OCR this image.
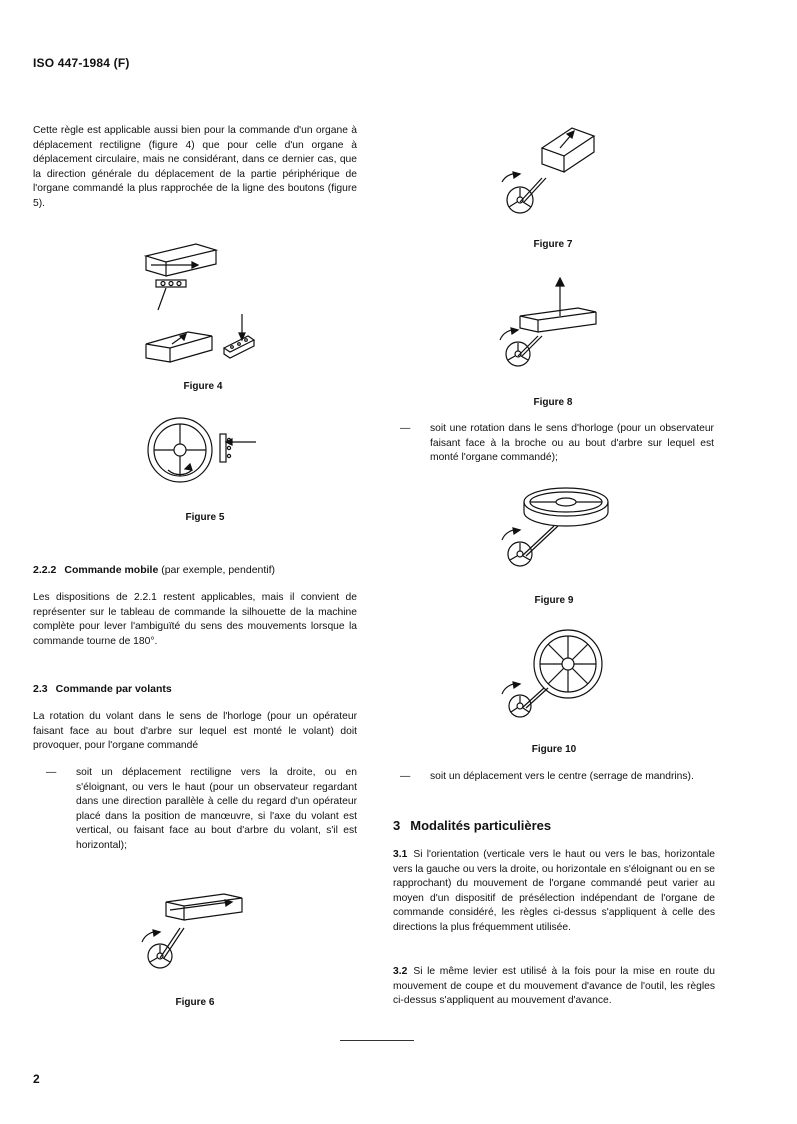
ISO 447-1984 (F)
Cette règle est applicable aussi bien pour la commande d'un organe à déplacement rectiligne (figure 4) que pour celle d'un organe à déplacement circulaire, mais ne considérant, dans ce dernier cas, que la direction générale du déplacement de la partie périphérique de l'organe commandé la plus rapprochée de la ligne des boutons (figure 5).
Figure 4
Figure 5
2.2.2 Commande mobile (par exemple, pendentif)
Les dispositions de 2.2.1 restent applicables, mais il convient de représenter sur le tableau de commande la silhouette de la machine complète pour lever l'ambiguïté du sens des mouvements lorsque la commande tourne de 180°.
2.3 Commande par volants
La rotation du volant dans le sens de l'horloge (pour un opérateur faisant face au bout d'arbre sur lequel est monté le volant) doit provoquer, pour l'organe commandé
— soit un déplacement rectiligne vers la droite, ou en s'éloignant, ou vers le haut (pour un observateur regardant dans une direction parallèle à celle du regard d'un opérateur placé dans la position de manœuvre, si l'axe du volant est vertical, ou faisant face au bout d'arbre du volant, s'il est horizontal);
Figure 6
Figure 7
Figure 8
— soit une rotation dans le sens d'horloge (pour un observateur faisant face à la broche ou au bout d'arbre sur lequel est monté l'organe commandé);
Figure 9
Figure 10
— soit un déplacement vers le centre (serrage de mandrins).
3 Modalités particulières
3.1 Si l'orientation (verticale vers le haut ou vers le bas, horizontale vers la gauche ou vers la droite, ou horizontale en s'éloignant ou en se rapprochant) du mouvement de l'organe commandé peut varier au moyen d'un dispositif de présélection indépendant de l'organe de commande considéré, les règles ci-dessus s'appliquent à celle des directions la plus fréquemment utilisée.
3.2 Si le même levier est utilisé à la fois pour la mise en route du mouvement de coupe et du mouvement d'avance de l'outil, les règles ci-dessus s'appliquent au mouvement d'avance.
2
